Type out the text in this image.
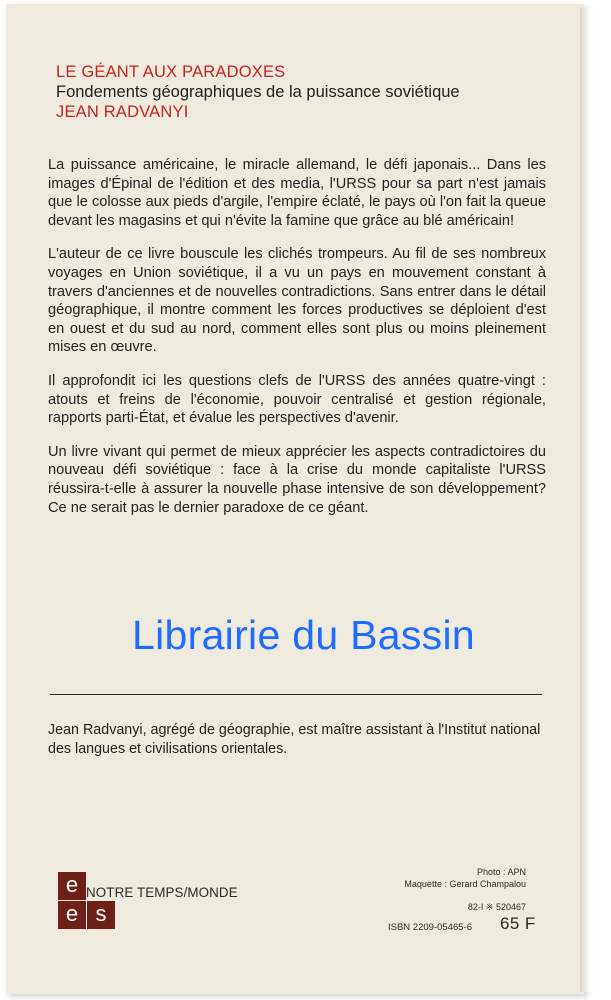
LE GÉANT AUX PARADOXES
Fondements géographiques de la puissance soviétique
JEAN RADVANYI

La puissance américaine, le miracle allemand, le défi japonais... Dans les images d'Épinal de l'édition et des media, l'URSS pour sa part n'est jamais que le colosse aux pieds d'argile, l'empire éclaté, le pays où l'on fait la queue devant les magasins et qui n'évite la famine que grâce au blé américain!

L'auteur de ce livre bouscule les clichés trompeurs. Au fil de ses nombreux voyages en Union soviétique, il a vu un pays en mouvement constant à travers d'anciennes et de nouvelles contradictions. Sans entrer dans le détail géographique, il montre comment les forces productives se déploient d'est en ouest et du sud au nord, comment elles sont plus ou moins pleinement mises en œuvre.

Il approfondit ici les questions clefs de l'URSS des années quatre-vingt : atouts et freins de l'économie, pouvoir centralisé et gestion régionale, rapports parti-État, et évalue les perspectives d'avenir.

Un livre vivant qui permet de mieux apprécier les aspects contradictoires du nouveau défi soviétique : face à la crise du monde capitaliste l'URSS réussira-t-elle à assurer la nouvelle phase intensive de son développement? Ce ne serait pas le dernier paradoxe de ce géant.

Librairie du Bassin
Jean Radvanyi, agrégé de géographie, est maître assistant à l'Institut national des langues et civilisations orientales.
e
e s
NOTRE TEMPS/MONDE
Photo : APN
Maquette : Gerard Champalou
82-I ※ 520467
ISBN 2209-05465-6 65 F
